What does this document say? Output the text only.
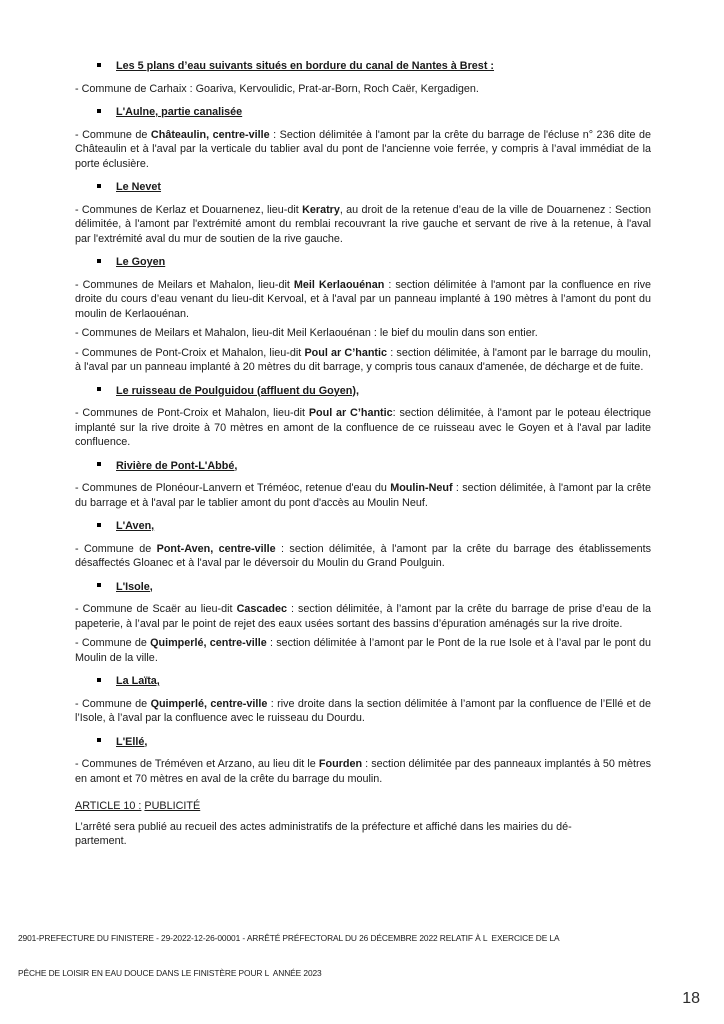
Les 5 plans d’eau suivants situés en bordure du canal de Nantes à Brest :
- Commune de Carhaix : Goariva, Kervoulidic, Prat-ar-Born, Roch Caër, Kergadigen.
L'Aulne, partie canalisée
- Commune de Châteaulin, centre-ville : Section délimitée à l'amont par la crête du barrage de l'écluse n° 236 dite de Châteaulin et à l'aval par la verticale du tablier aval du pont de l'ancienne voie ferrée, y compris à l’aval immédiat de la porte éclusière.
Le Nevet
- Communes de Kerlaz et Douarnenez, lieu-dit Keratry, au droit de la retenue d’eau de la ville de Douarnenez : Section délimitée, à l'amont par l'extrémité amont du remblai recouvrant la rive gauche et servant de rive à la retenue, à l'aval par l'extrémité aval du mur de soutien de la rive gauche.
Le Goyen
- Communes de Meilars et Mahalon, lieu-dit Meil Kerlaouénan : section délimitée à l'amont par la confluence en rive droite du cours d’eau venant du lieu-dit Kervoal, et à l'aval par un panneau implanté à 190 mètres à l’amont du pont du moulin de Kerlaouénan.
- Communes de Meilars et Mahalon, lieu-dit Meil Kerlaouénan : le bief du moulin dans son entier.
- Communes de Pont-Croix et Mahalon, lieu-dit Poul ar C’hantic : section délimitée, à l'amont par le barrage du moulin, à l'aval par un panneau implanté à 20 mètres du dit barrage, y compris tous canaux d'amenée, de décharge et de fuite.
Le ruisseau de Poulguidou (affluent du Goyen),
- Communes de Pont-Croix et Mahalon, lieu-dit Poul ar C’hantic: section délimitée, à l'amont par le poteau électrique implanté sur la rive droite à 70 mètres en amont de la confluence de ce ruisseau avec le Goyen et à l'aval par ladite confluence.
Rivière de Pont-L'Abbé,
- Communes de Plonéour-Lanvern et Tréméoc, retenue d'eau du Moulin-Neuf : section délimitée, à l'amont par la crête du barrage et à l'aval par le tablier amont du pont d'accès au Moulin Neuf.
L'Aven,
- Commune de Pont-Aven, centre-ville : section délimitée, à l'amont par la crête du barrage des établissements désaffectés Gloanec et à l'aval par le déversoir du Moulin du Grand Poulguin.
L'Isole,
- Commune de Scaër au lieu-dit Cascadec : section délimitée, à l’amont par la crête du barrage de prise d’eau de la papeterie, à l’aval par le point de rejet des eaux usées sortant des bassins d’épuration aménagés sur la rive droite.
- Commune de Quimperlé, centre-ville : section délimitée à l’amont par le Pont de la rue Isole et à l’aval par le pont du Moulin de la ville.
La Laïta,
- Commune de Quimperlé, centre-ville : rive droite dans la section délimitée à l’amont par la confluence de l’Ellé et de l’Isole, à l’aval par la confluence avec le ruisseau du Dourdu.
L'Ellé,
- Communes de Tréméven et Arzano, au lieu dit le Fourden : section délimitée par des panneaux implantés à 50 mètres en amont et 70 mètres en aval de la crête du barrage du moulin.
ARTICLE 10 : PUBLICITÉ
L’arrêté sera publié au recueil des actes administratifs de la préfecture et affiché dans les mairies du dé-
partement.

2901-PREFECTURE DU FINISTERE - 29-2022-12-26-00001 - ARRÊTÉ PRÉFECTORAL DU 26 DÉCEMBRE 2022 RELATIF À L  EXERCICE DE LA

PÊCHE DE LOISIR EN EAU DOUCE DANS LE FINISTÈRE POUR L  ANNÉE 2023

18
